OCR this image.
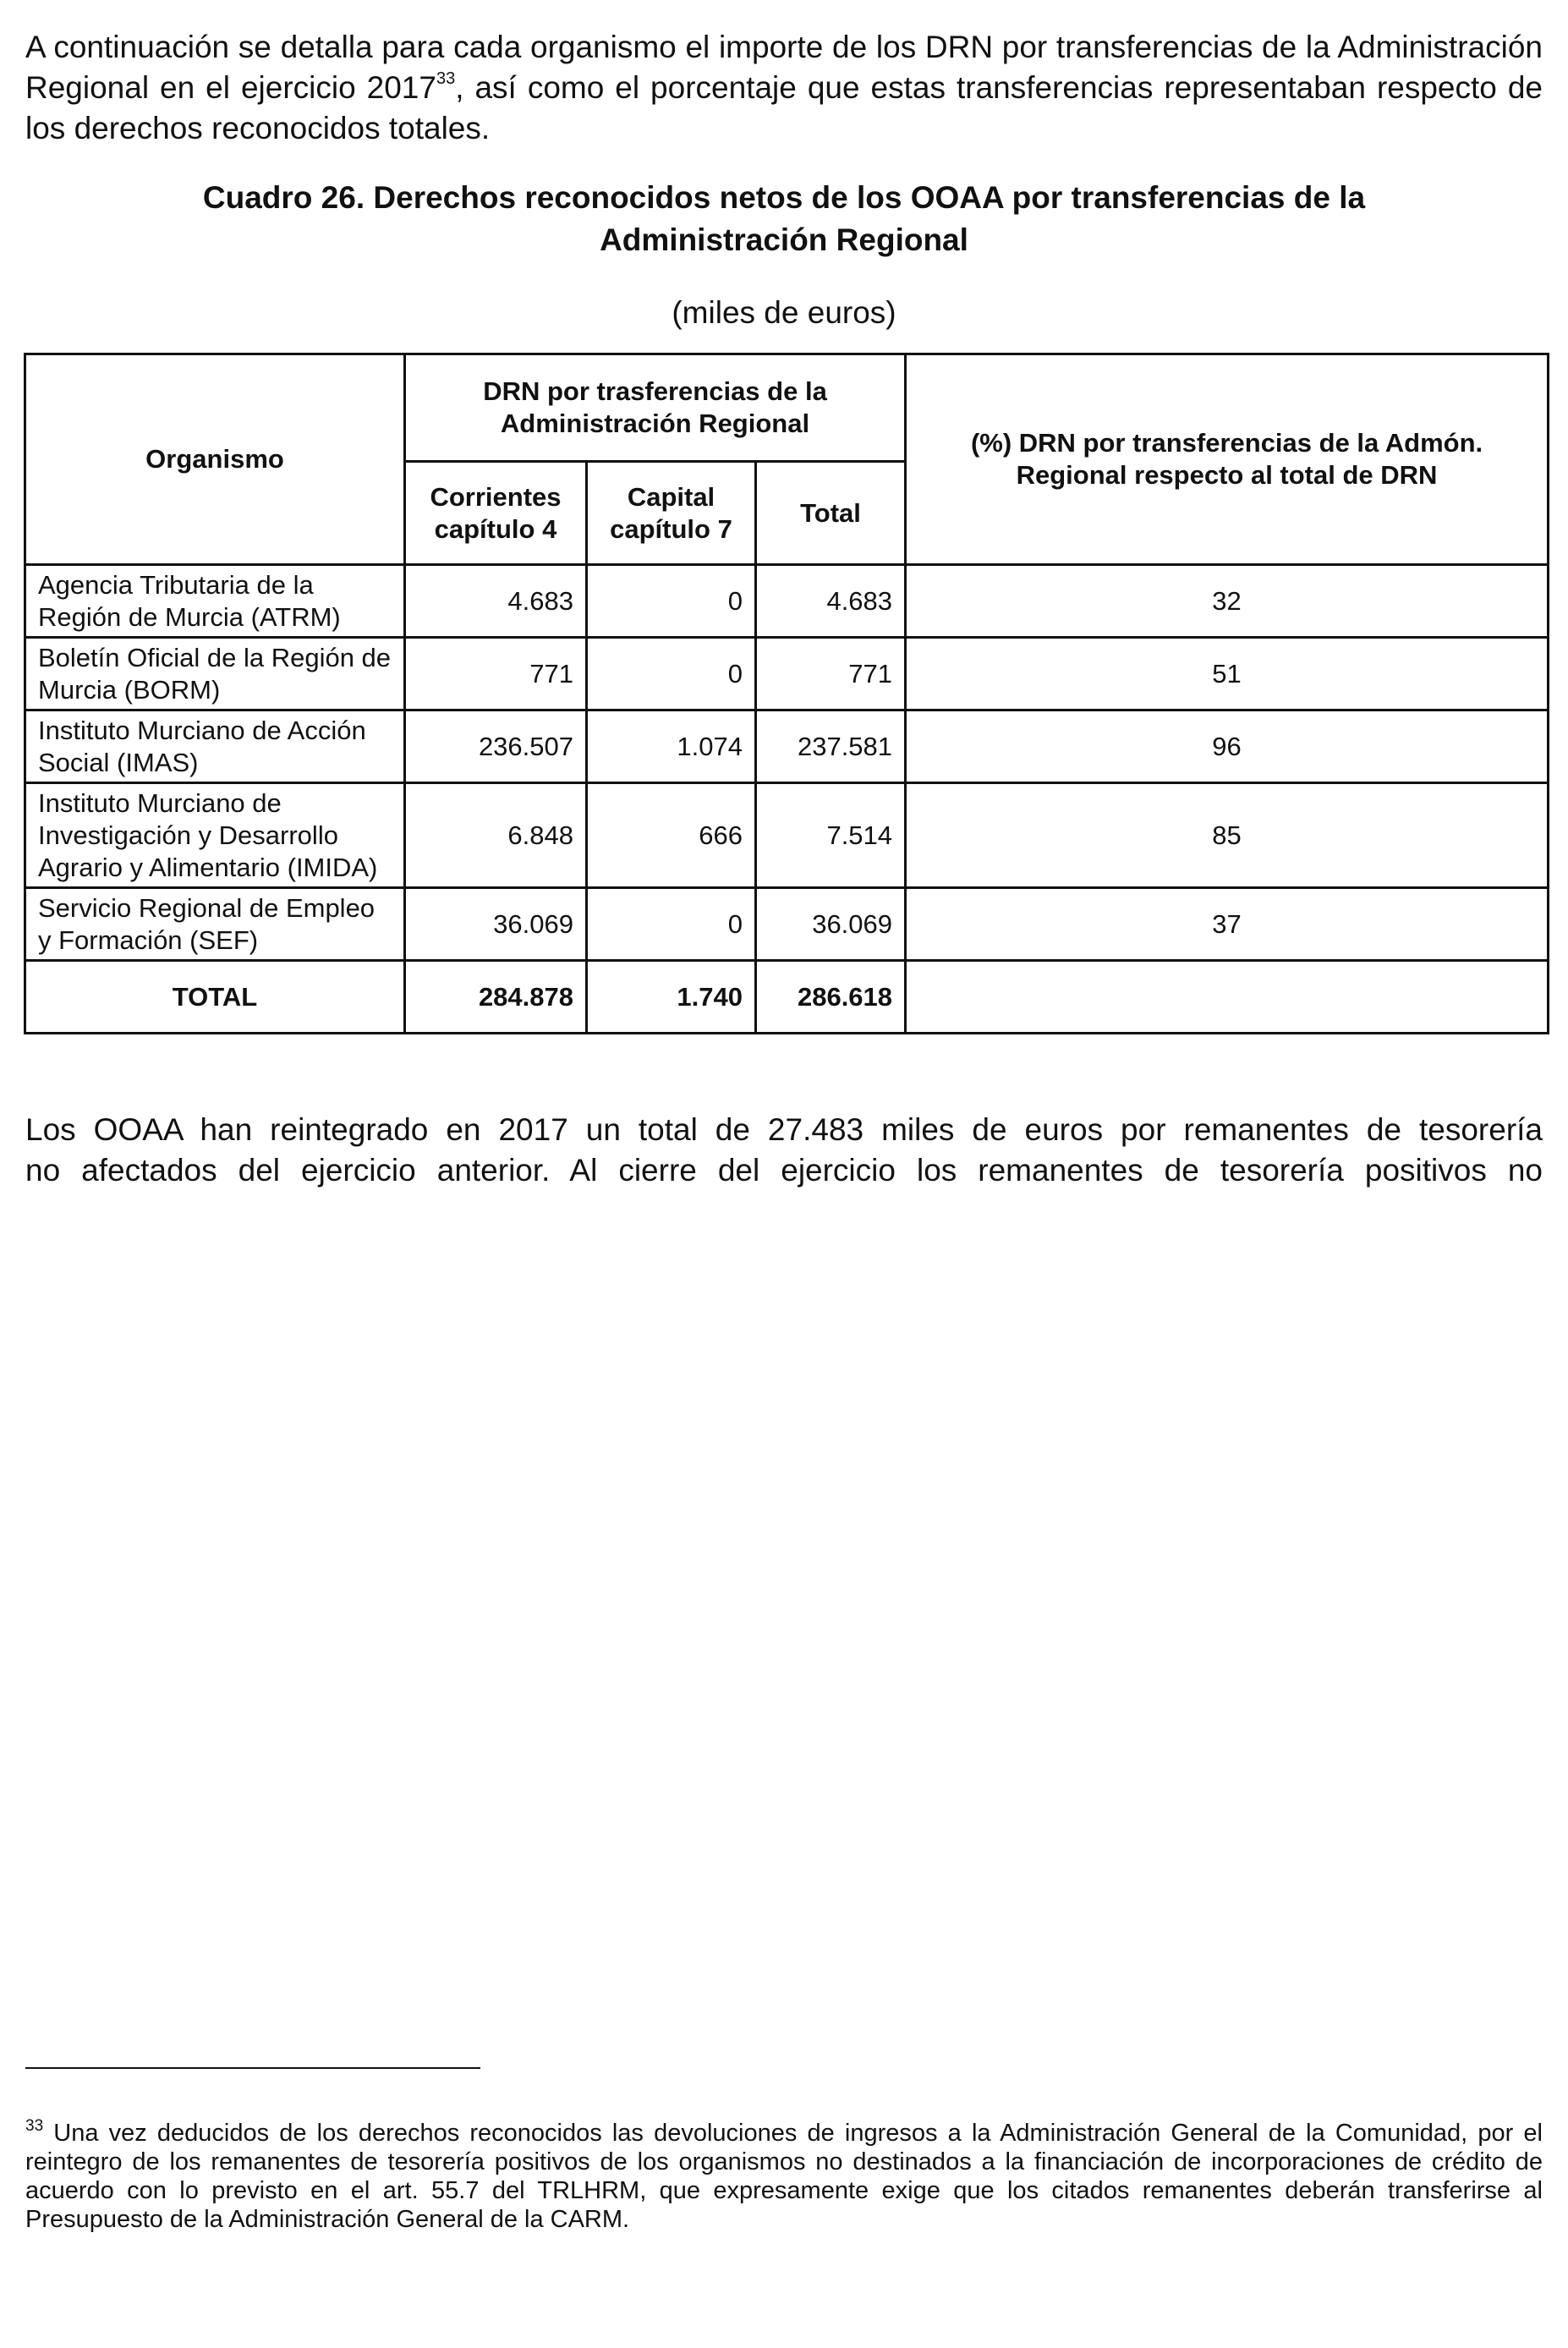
A continuación se detalla para cada organismo el importe de los DRN por transferencias de la Administración Regional en el ejercicio 2017$^{33}$, así como el porcentaje que estas transferencias representaban respecto de los derechos reconocidos totales.

Cuadro 26. Derechos reconocidos netos de los OOAA por transferencias de la
Administración Regional
(miles de euros)
Organismo	DRN por trasferencias de la Administración Regional			(%) DRN por transferencias de la Admón. Regional respecto al total de DRN
	Corrientes capítulo 4	Capital capítulo 7	Total	
Agencia Tributaria de la Región de Murcia (ATRM)	4.683	0	4.683	32
Boletín Oficial de la Región de Murcia (BORM)	771	0	771	51
Instituto Murciano de Acción Social (IMAS)	236.507	1.074	237.581	96
Instituto Murciano de Investigación y Desarrollo Agrario y Alimentario (IMIDA)	6.848	666	7.514	85
Servicio Regional de Empleo y Formación (SEF)	36.069	0	36.069	37
TOTAL	284.878	1.740	286.618	
Los OOAA han reintegrado en 2017 un total de 27.483 miles de euros por remanentes de tesorería
no afectados del ejercicio anterior. Al cierre del ejercicio los remanentes de tesorería positivos no

$^{33}$ Una vez deducidos de los derechos reconocidos las devoluciones de ingresos a la Administración General de la Comunidad, por el reintegro de los remanentes de tesorería positivos de los organismos no destinados a la financiación de incorporaciones de crédito de acuerdo con lo previsto en el art. 55.7 del TRLHRM, que expresamente exige que los citados remanentes deberán transferirse al Presupuesto de la Administración General de la CARM.
